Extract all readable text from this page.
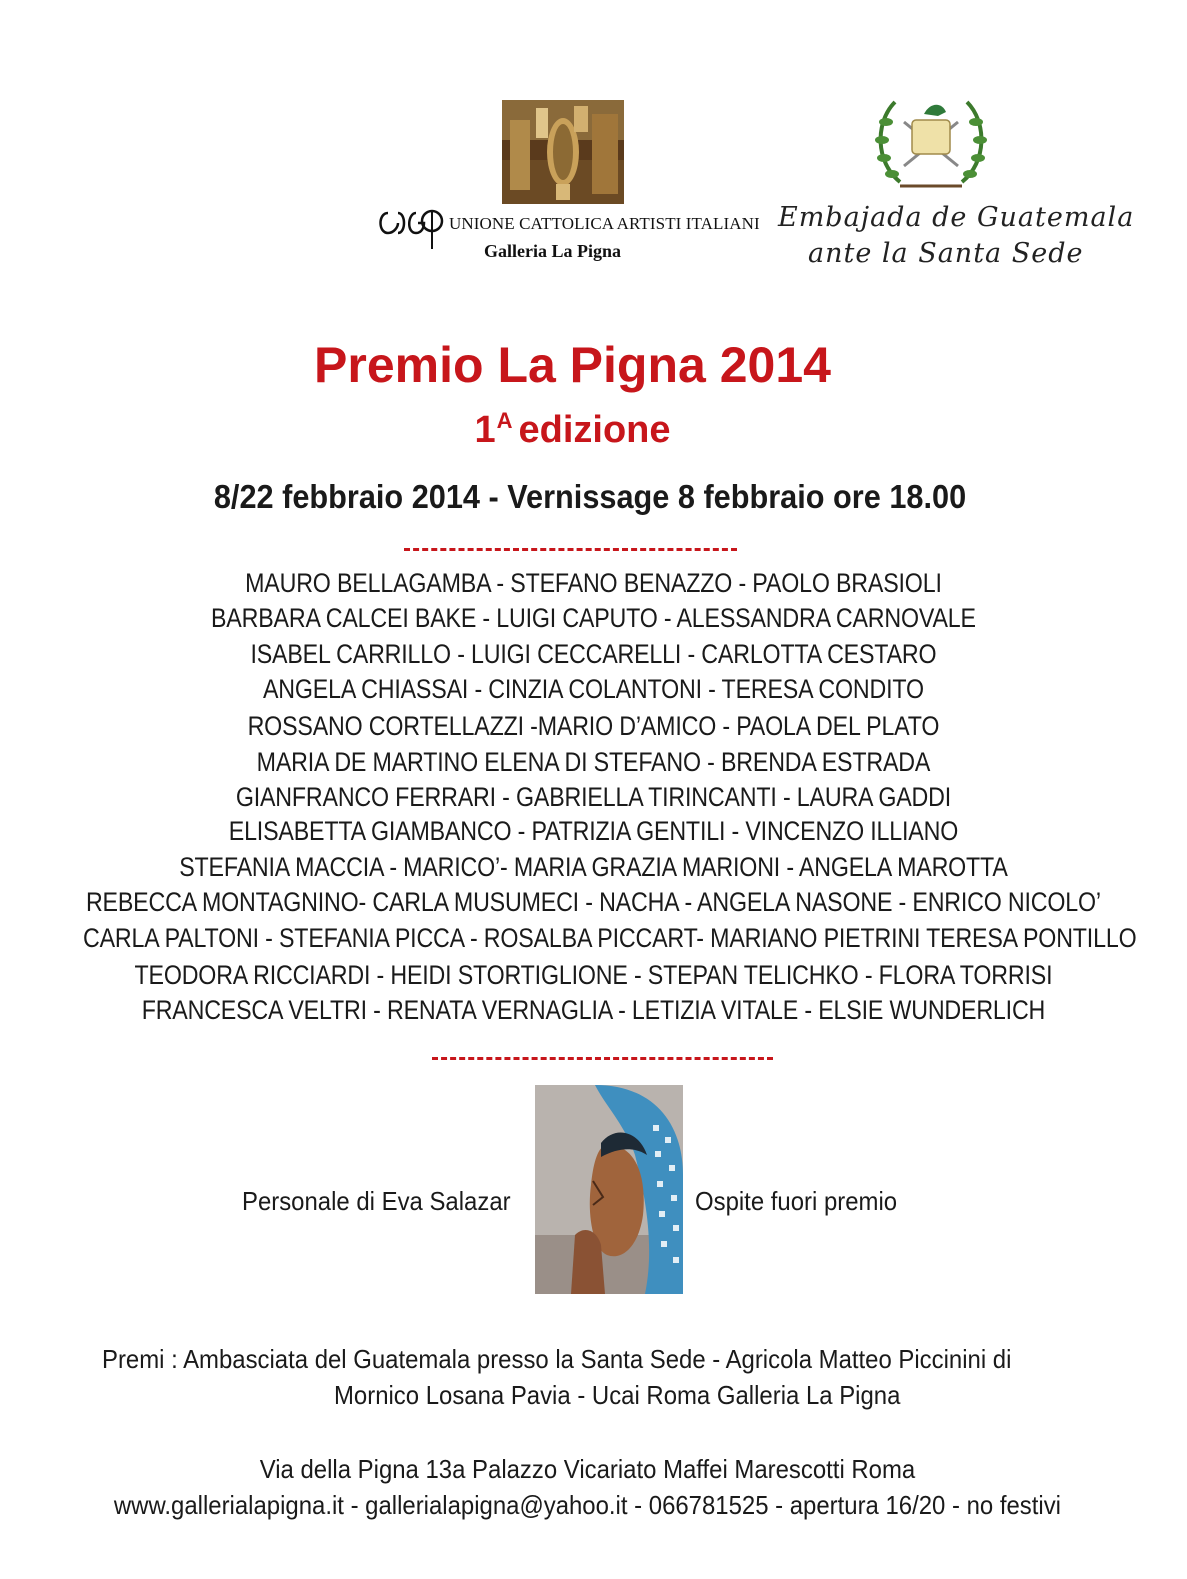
UNIONE CATTOLICA ARTISTI ITALIANI
Galleria La Pigna
Embajada de Guatemala
ante la Santa Sede
Premio La Pigna 2014
$1^A$ edizione
8/22 febbraio 2014 - Vernissage 8 febbraio ore 18.00
MAURO BELLAGAMBA - STEFANO BENAZZO - PAOLO BRASIOLI
BARBARA CALCEI BAKE - LUIGI CAPUTO - ALESSANDRA CARNOVALE
ISABEL CARRILLO - LUIGI CECCARELLI - CARLOTTA CESTARO
ANGELA CHIASSAI - CINZIA COLANTONI - TERESA CONDITO
ROSSANO CORTELLAZZI -MARIO D’AMICO - PAOLA DEL PLATO
MARIA DE MARTINO ELENA DI STEFANO - BRENDA ESTRADA
GIANFRANCO FERRARI - GABRIELLA TIRINCANTI - LAURA GADDI
ELISABETTA GIAMBANCO - PATRIZIA GENTILI - VINCENZO ILLIANO
STEFANIA MACCIA - MARICO’- MARIA GRAZIA MARIONI - ANGELA MAROTTA
REBECCA MONTAGNINO- CARLA MUSUMECI - NACHA - ANGELA NASONE - ENRICO NICOLO’
CARLA PALTONI - STEFANIA PICCA - ROSALBA PICCART- MARIANO PIETRINI TERESA PONTILLO
TEODORA RICCIARDI - HEIDI STORTIGLIONE - STEPAN TELICHKO - FLORA TORRISI
FRANCESCA VELTRI - RENATA VERNAGLIA - LETIZIA VITALE - ELSIE WUNDERLICH
Personale di Eva Salazar	Ospite fuori premio
Premi : Ambasciata del Guatemala presso la Santa Sede - Agricola Matteo Piccinini di
Mornico Losana Pavia - Ucai Roma Galleria La Pigna
Via della Pigna 13a Palazzo Vicariato Maffei Marescotti Roma
www.gallerialapigna.it - gallerialapigna@yahoo.it - 066781525 - apertura 16/20 - no festivi
